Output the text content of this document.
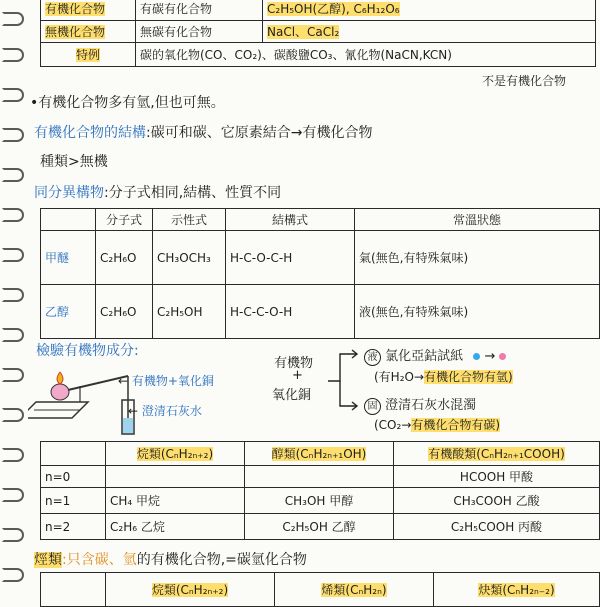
有機化合物	有碳有化合物	C₂H₅OH(乙醇), C₆H₁₂O₆
無機化合物	無碳有化合物	NaCl、CaCl₂
特例	碳的氧化物(CO、CO₂)、碳酸鹽CO₃、氰化物(NaCN,KCN)	
不是有機化合物
•有機化合物多有氫,但也可無。
有機化合物的結構:碳可和碳、它原素結合→有機化合物
種類>無機
同分異構物:分子式相同,結構、性質不同
	分子式	示性式	結構式	常溫狀態
甲醚	C₂H₆O	CH₃OCH₃	H-C-O-C-H	氣(無色,有特殊氣味)
乙醇	C₂H₆O	C₂H₅OH	H-C-C-O-H	液(無色,有特殊氣味)
檢驗有機物成分:
← 有機物+氧化銅
← 澄清石灰水
有機物
+
氧化銅
液 氯化亞鈷試紙 →
(有H₂O→有機化合物有氫)
固 澄清石灰水混濁
(CO₂→有機化合物有碳)
	烷類(CₙH₂ₙ₊₂)	醇類(CₙH₂ₙ₊₁OH)	有機酸類(CₙH₂ₙ₊₁COOH)
n=0			HCOOH 甲酸
n=1	CH₄ 甲烷	CH₃OH 甲醇	CH₃COOH 乙酸
n=2	C₂H₆ 乙烷	C₂H₅OH 乙醇	C₂H₅COOH 丙酸
烴類:只含碳、氫的有機化合物,=碳氫化合物
	烷類(CₙH₂ₙ₊₂)	烯類(CₙH₂ₙ)	炔類(CₙH₂ₙ₋₂)
